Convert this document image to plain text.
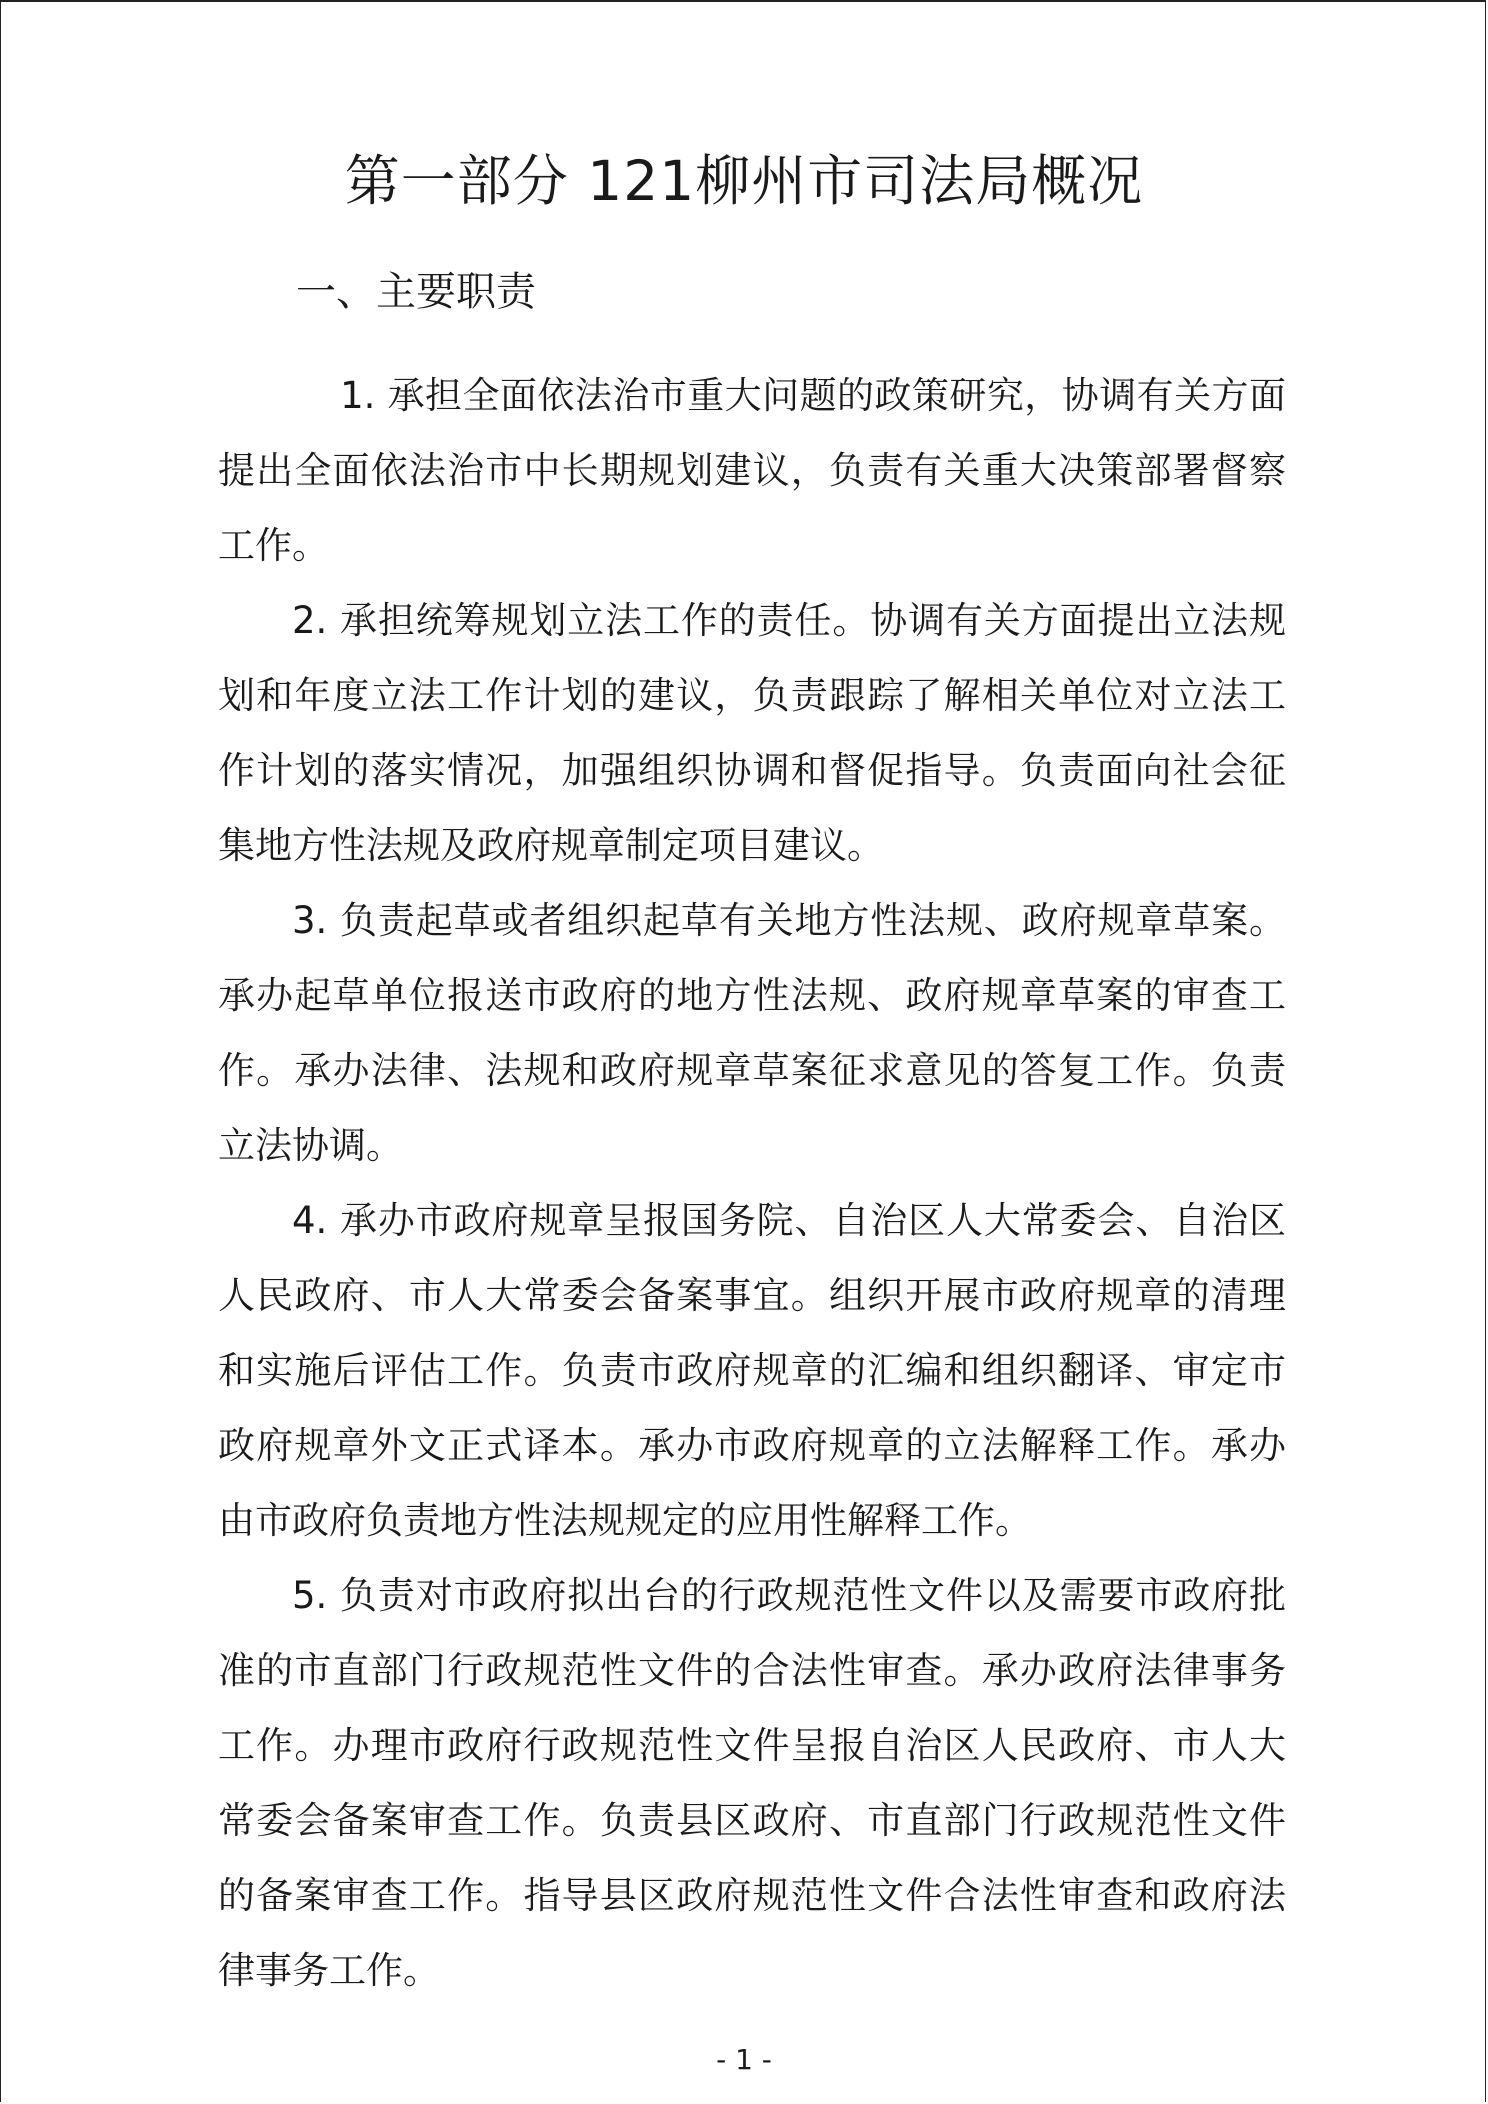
第一部分 121柳州市司法局概况
一、主要职责

1. 承担全面依法治市重大问题的政策研究，协调有关方面提出全面依法治市中长期规划建议，负责有关重大决策部署督察工作。

2. 承担统筹规划立法工作的责任。协调有关方面提出立法规划和年度立法工作计划的建议，负责跟踪了解相关单位对立法工作计划的落实情况，加强组织协调和督促指导。负责面向社会征集地方性法规及政府规章制定项目建议。

3. 负责起草或者组织起草有关地方性法规、政府规章草案。承办起草单位报送市政府的地方性法规、政府规章草案的审查工作。承办法律、法规和政府规章草案征求意见的答复工作。负责立法协调。

4. 承办市政府规章呈报国务院、自治区人大常委会、自治区人民政府、市人大常委会备案事宜。组织开展市政府规章的清理和实施后评估工作。负责市政府规章的汇编和组织翻译、审定市政府规章外文正式译本。承办市政府规章的立法解释工作。承办由市政府负责地方性法规规定的应用性解释工作。

5. 负责对市政府拟出台的行政规范性文件以及需要市政府批准的市直部门行政规范性文件的合法性审查。承办政府法律事务工作。办理市政府行政规范性文件呈报自治区人民政府、市人大常委会备案审查工作。负责县区政府、市直部门行政规范性文件的备案审查工作。指导县区政府规范性文件合法性审查和政府法律事务工作。

- 1 -
